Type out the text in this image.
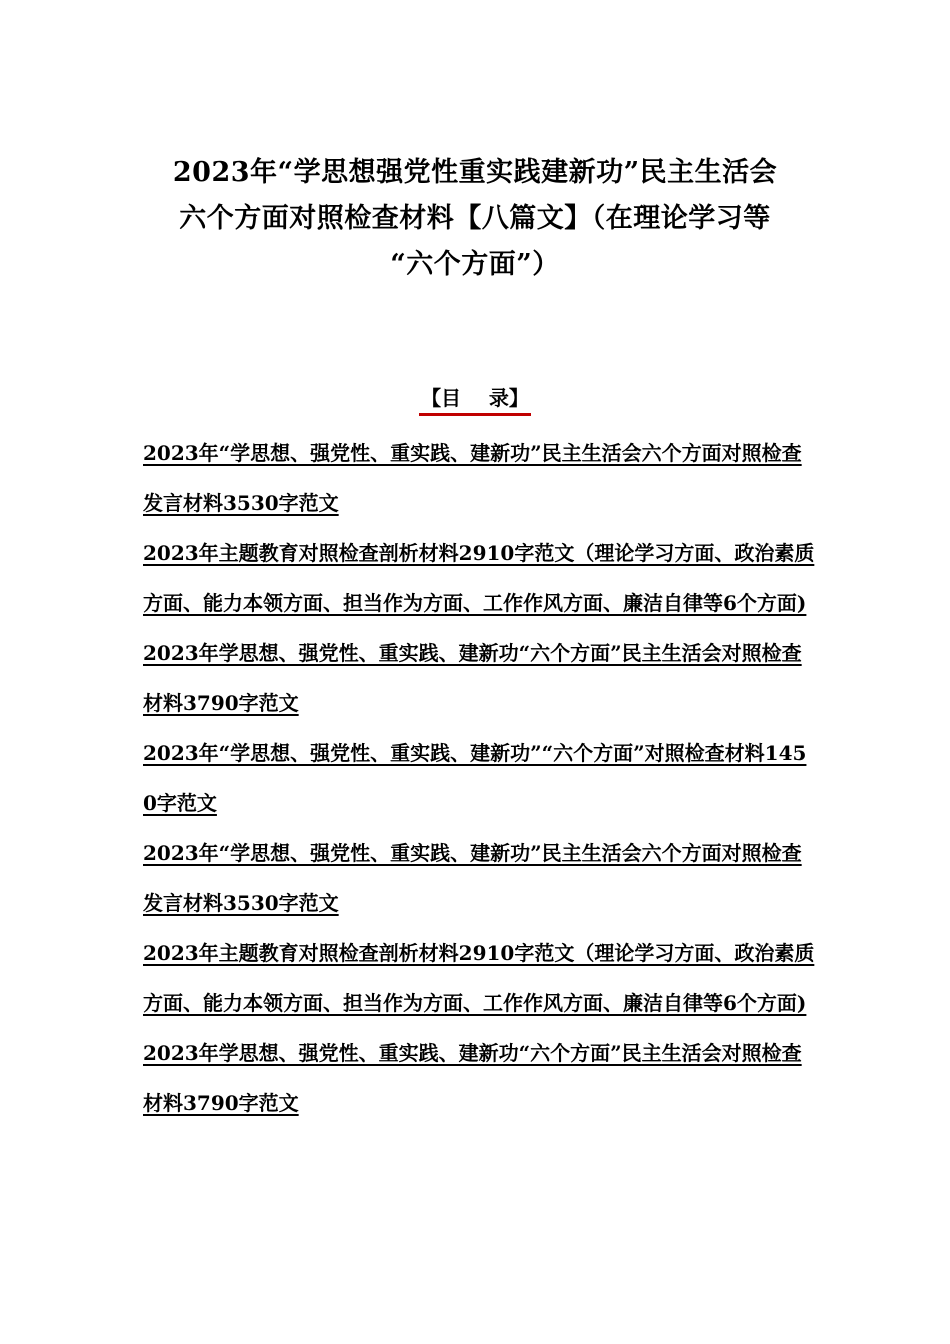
2023年“学思想强党性重实践建新功”民主生活会
六个方面对照检查材料【八篇文】（在理论学习等
“六个方面”）
【目    录】
2023年“学思想、强党性、重实践、建新功”民主生活会六个方面对照检查发言材料3530字范文
2023年主题教育对照检查剖析材料2910字范文（理论学习方面、政治素质方面、能力本领方面、担当作为方面、工作作风方面、廉洁自律等6个方面)
2023年学思想、强党性、重实践、建新功“六个方面”民主生活会对照检查材料3790字范文
2023年“学思想、强党性、重实践、建新功”“六个方面”对照检查材料1450字范文
2023年“学思想、强党性、重实践、建新功”民主生活会六个方面对照检查发言材料3530字范文
2023年主题教育对照检查剖析材料2910字范文（理论学习方面、政治素质方面、能力本领方面、担当作为方面、工作作风方面、廉洁自律等6个方面)
2023年学思想、强党性、重实践、建新功“六个方面”民主生活会对照检查材料3790字范文
